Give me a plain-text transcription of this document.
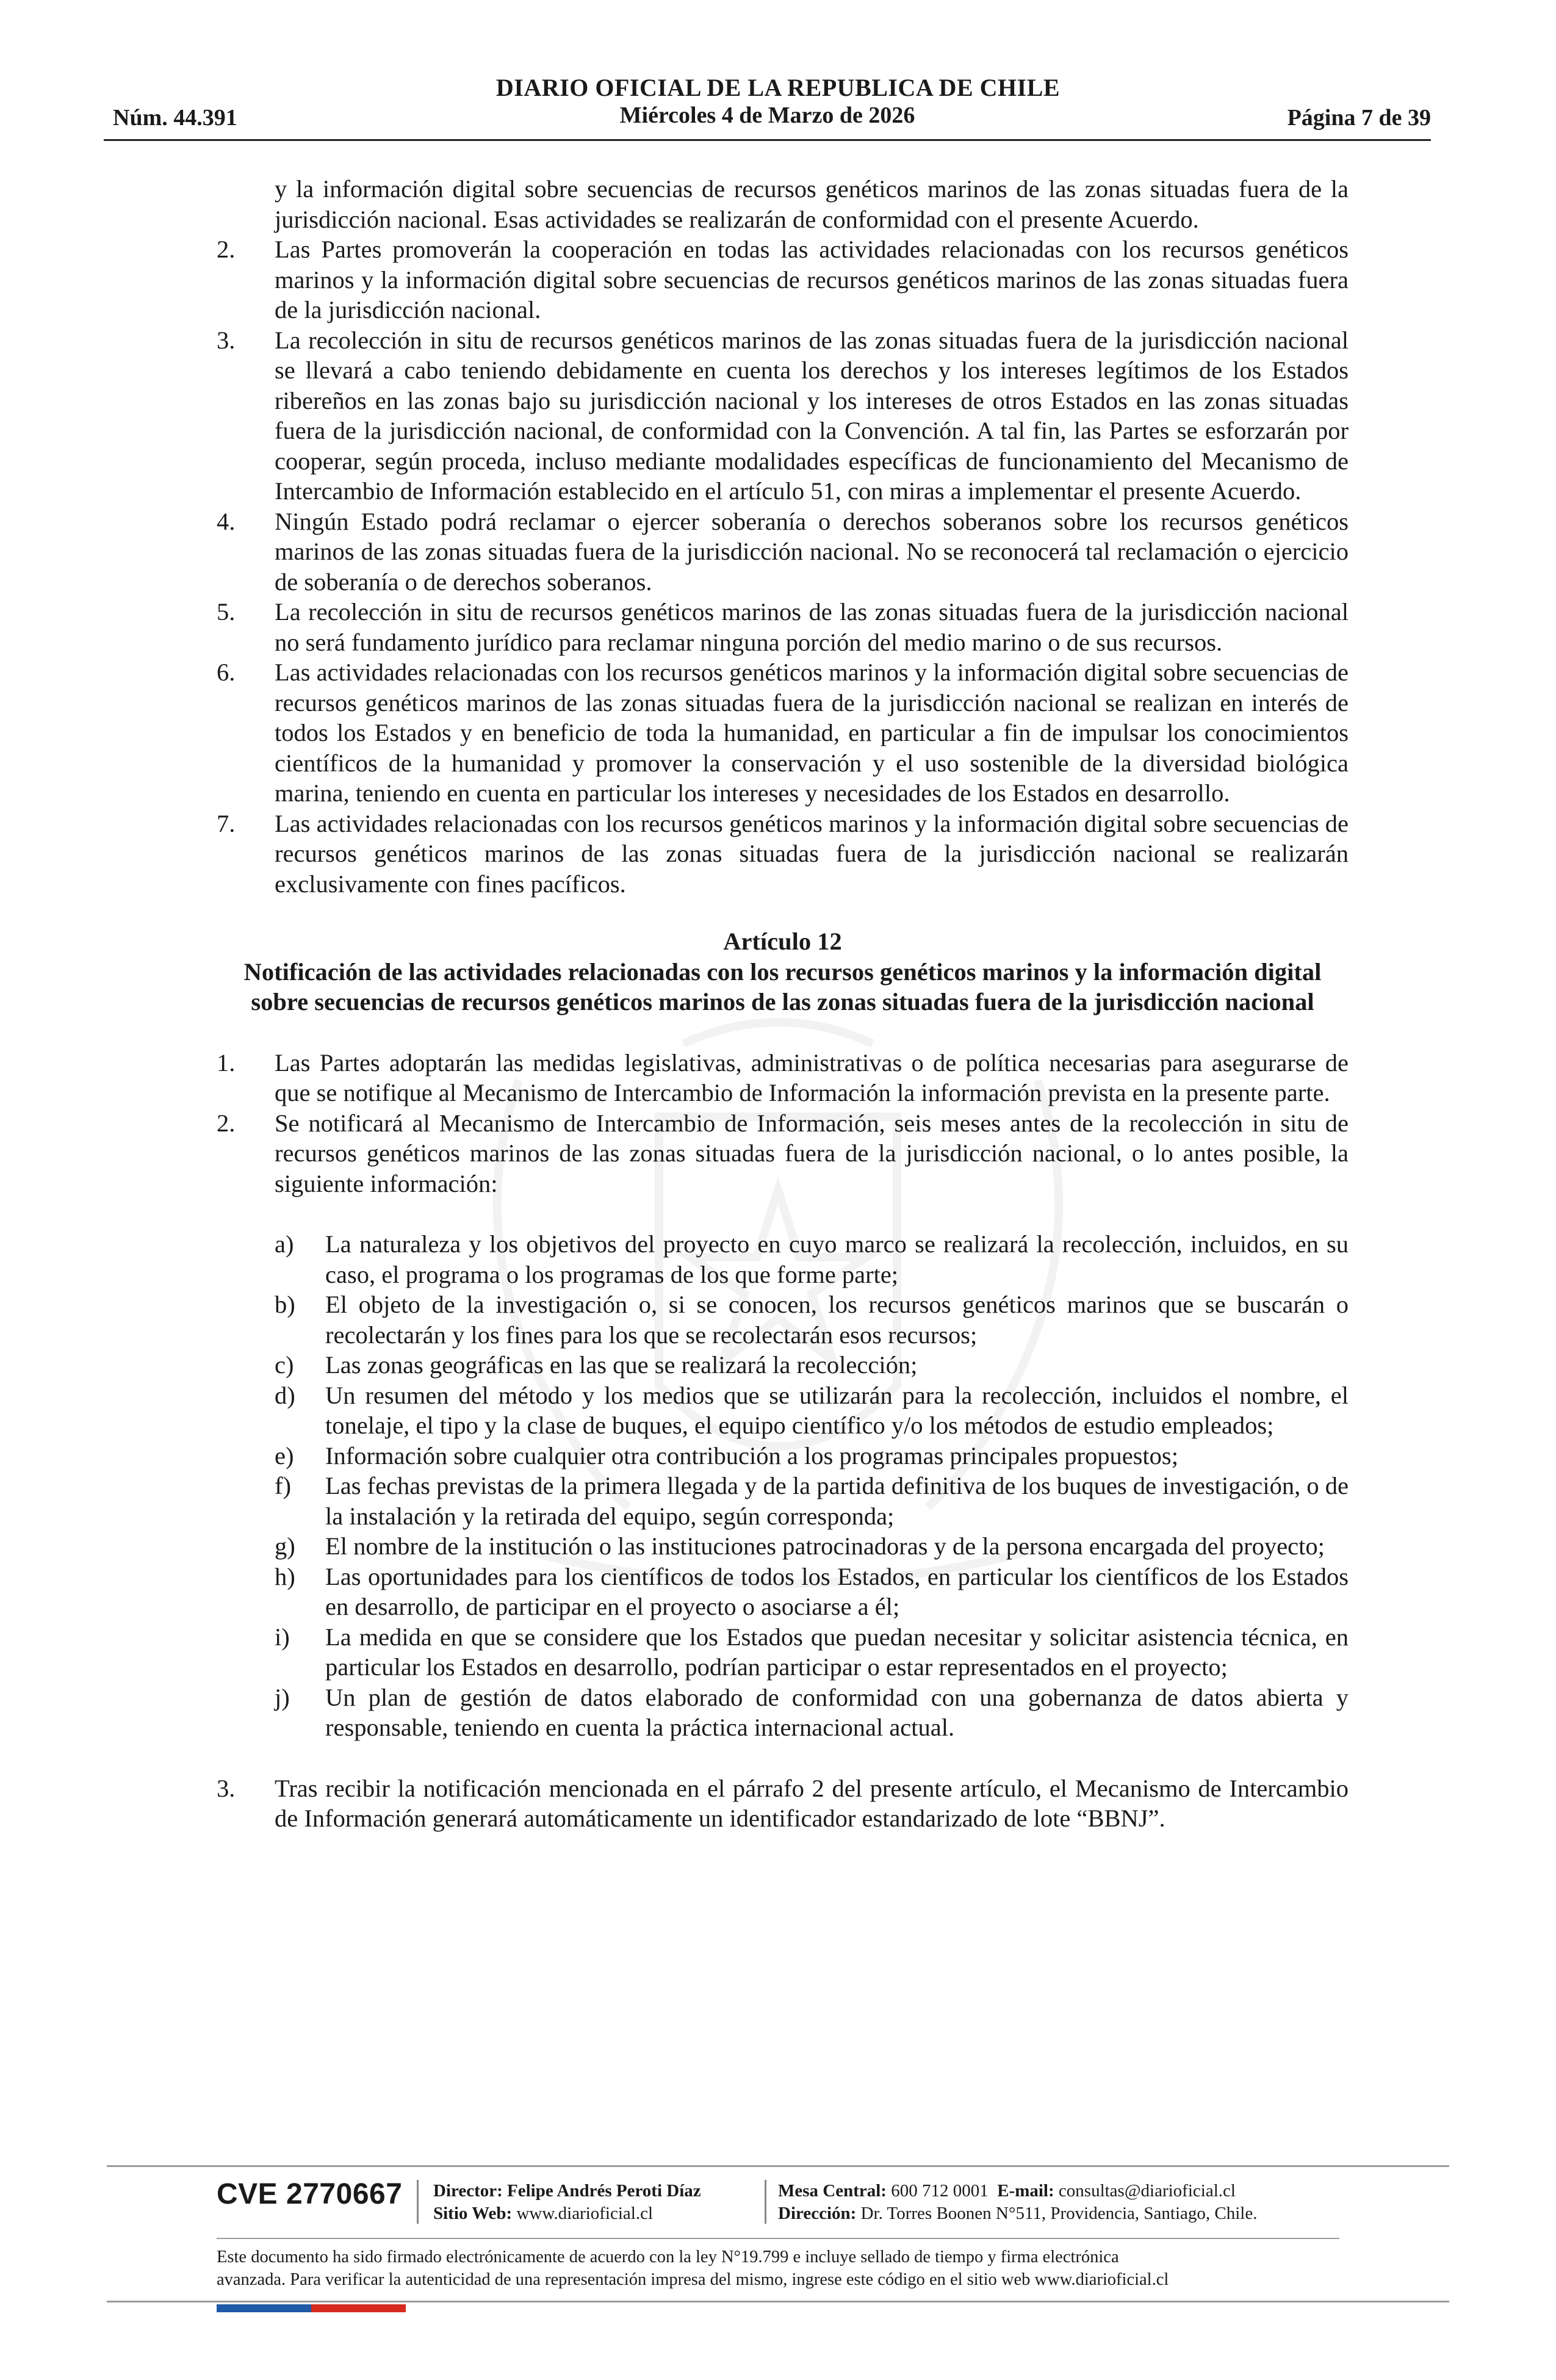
DIARIO OFICIAL DE LA REPUBLICA DE CHILE
Miércoles 4 de Marzo de 2026
Núm. 44.391	Página 7 de 39
y la información digital sobre secuencias de recursos genéticos marinos de las zonas situadas fuera de la jurisdicción nacional. Esas actividades se realizarán de conformidad con el presente Acuerdo.
2. Las Partes promoverán la cooperación en todas las actividades relacionadas con los recursos genéticos marinos y la información digital sobre secuencias de recursos genéticos marinos de las zonas situadas fuera de la jurisdicción nacional.
3. La recolección in situ de recursos genéticos marinos de las zonas situadas fuera de la jurisdicción nacional se llevará a cabo teniendo debidamente en cuenta los derechos y los intereses legítimos de los Estados ribereños en las zonas bajo su jurisdicción nacional y los intereses de otros Estados en las zonas situadas fuera de la jurisdicción nacional, de conformidad con la Convención. A tal fin, las Partes se esforzarán por cooperar, según proceda, incluso mediante modalidades específicas de funcionamiento del Mecanismo de Intercambio de Información establecido en el artículo 51, con miras a implementar el presente Acuerdo.
4. Ningún Estado podrá reclamar o ejercer soberanía o derechos soberanos sobre los recursos genéticos marinos de las zonas situadas fuera de la jurisdicción nacional. No se reconocerá tal reclamación o ejercicio de soberanía o de derechos soberanos.
5. La recolección in situ de recursos genéticos marinos de las zonas situadas fuera de la jurisdicción nacional no será fundamento jurídico para reclamar ninguna porción del medio marino o de sus recursos.
6. Las actividades relacionadas con los recursos genéticos marinos y la información digital sobre secuencias de recursos genéticos marinos de las zonas situadas fuera de la jurisdicción nacional se realizan en interés de todos los Estados y en beneficio de toda la humanidad, en particular a fin de impulsar los conocimientos científicos de la humanidad y promover la conservación y el uso sostenible de la diversidad biológica marina, teniendo en cuenta en particular los intereses y necesidades de los Estados en desarrollo.
7. Las actividades relacionadas con los recursos genéticos marinos y la información digital sobre secuencias de recursos genéticos marinos de las zonas situadas fuera de la jurisdicción nacional se realizarán exclusivamente con fines pacíficos.
Artículo 12
Notificación de las actividades relacionadas con los recursos genéticos marinos y la información digital sobre secuencias de recursos genéticos marinos de las zonas situadas fuera de la jurisdicción nacional
1. Las Partes adoptarán las medidas legislativas, administrativas o de política necesarias para asegurarse de que se notifique al Mecanismo de Intercambio de Información la información prevista en la presente parte.
2. Se notificará al Mecanismo de Intercambio de Información, seis meses antes de la recolección in situ de recursos genéticos marinos de las zonas situadas fuera de la jurisdicción nacional, o lo antes posible, la siguiente información:
a) La naturaleza y los objetivos del proyecto en cuyo marco se realizará la recolección, incluidos, en su caso, el programa o los programas de los que forme parte;
b) El objeto de la investigación o, si se conocen, los recursos genéticos marinos que se buscarán o recolectarán y los fines para los que se recolectarán esos recursos;
c) Las zonas geográficas en las que se realizará la recolección;
d) Un resumen del método y los medios que se utilizarán para la recolección, incluidos el nombre, el tonelaje, el tipo y la clase de buques, el equipo científico y/o los métodos de estudio empleados;
e) Información sobre cualquier otra contribución a los programas principales propuestos;
f) Las fechas previstas de la primera llegada y de la partida definitiva de los buques de investigación, o de la instalación y la retirada del equipo, según corresponda;
g) El nombre de la institución o las instituciones patrocinadoras y de la persona encargada del proyecto;
h) Las oportunidades para los científicos de todos los Estados, en particular los científicos de los Estados en desarrollo, de participar en el proyecto o asociarse a él;
i) La medida en que se considere que los Estados que puedan necesitar y solicitar asistencia técnica, en particular los Estados en desarrollo, podrían participar o estar representados en el proyecto;
j) Un plan de gestión de datos elaborado de conformidad con una gobernanza de datos abierta y responsable, teniendo en cuenta la práctica internacional actual.
3. Tras recibir la notificación mencionada en el párrafo 2 del presente artículo, el Mecanismo de Intercambio de Información generará automáticamente un identificador estandarizado de lote “BBNJ”.
CVE 2770667 Director: Felipe Andrés Peroti Díaz
Sitio Web: www.diarioficial.cl
Mesa Central: 600 712 0001 E-mail: consultas@diarioficial.cl
Dirección: Dr. Torres Boonen N°511, Providencia, Santiago, Chile.
Este documento ha sido firmado electrónicamente de acuerdo con la ley N°19.799 e incluye sellado de tiempo y firma electrónica
avanzada. Para verificar la autenticidad de una representación impresa del mismo, ingrese este código en el sitio web www.diarioficial.cl
